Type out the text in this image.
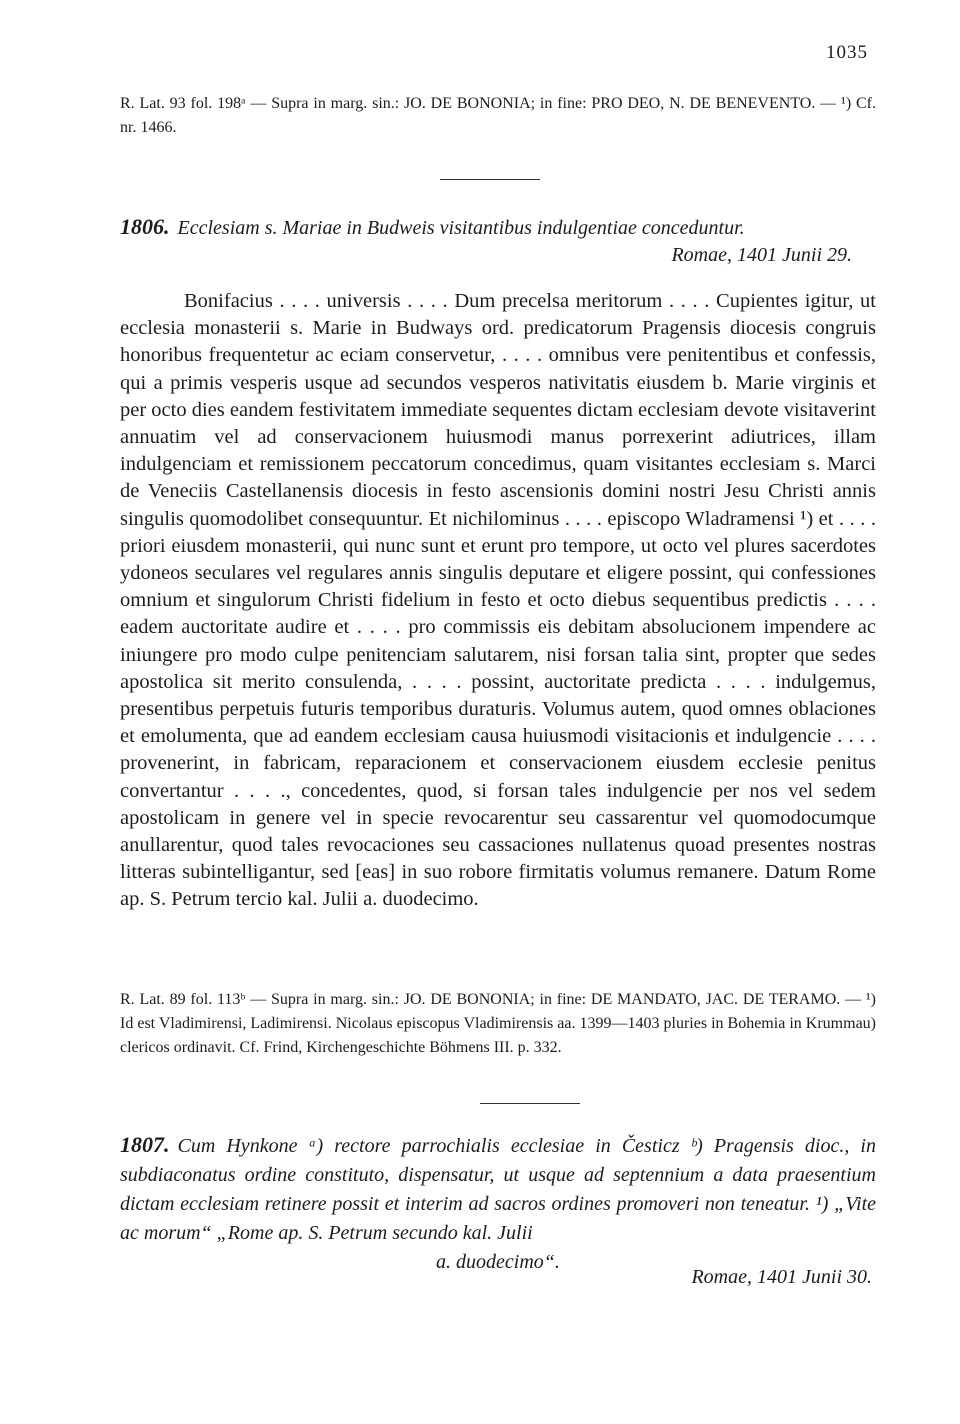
1035
R. Lat. 93 fol. 198ᵃ — Supra in marg. sin.: JO. DE BONONIA; in fine: PRO DEO, N. DE BENEVENTO. — ¹) Cf. nr. 1466.
1806. Ecclesiam s. Mariae in Budweis visitantibus indulgentiae conceduntur.
Romae, 1401 Junii 29.
Bonifacius . . . . universis . . . . Dum precelsa meritorum . . . . Cupientes igitur, ut ecclesia monasterii s. Marie in Budways ord. predicatorum Pragensis diocesis congruis honoribus frequentetur ac eciam conservetur, . . . . omnibus vere penitentibus et confessis, qui a primis vesperis usque ad secundos vesperos nativitatis eiusdem b. Marie virginis et per octo dies eandem festivitatem immediate sequentes dictam ecclesiam devote visitaverint annuatim vel ad conservacionem huiusmodi manus porrexerint adiutrices, illam indulgenciam et remissionem peccatorum concedimus, quam visitantes ecclesiam s. Marci de Veneciis Castellanensis diocesis in festo ascensionis domini nostri Jesu Christi annis singulis quomodolibet consequuntur. Et nichilominus . . . . episcopo Wladramensi ¹) et . . . . priori eiusdem monasterii, qui nunc sunt et erunt pro tempore, ut octo vel plures sacerdotes ydoneos seculares vel regulares annis singulis deputare et eligere possint, qui confessiones omnium et singulorum Christi fidelium in festo et octo diebus sequentibus predictis . . . . eadem auctoritate audire et . . . . pro commissis eis debitam absolucionem impendere ac iniungere pro modo culpe penitenciam salutarem, nisi forsan talia sint, propter que sedes apostolica sit merito consulenda, . . . . possint, auctoritate predicta . . . . indulgemus, presentibus perpetuis futuris temporibus duraturis. Volumus autem, quod omnes oblaciones et emolumenta, que ad eandem ecclesiam causa huiusmodi visitacionis et indulgencie . . . . provenerint, in fabricam, reparacionem et conservacionem eiusdem ecclesie penitus convertantur . . . ., concedentes, quod, si forsan tales indulgencie per nos vel sedem apostolicam in genere vel in specie revocarentur seu cassarentur vel quomodocumque anullarentur, quod tales revocaciones seu cassaciones nullatenus quoad presentes nostras litteras subintelligantur, sed [eas] in suo robore firmitatis volumus remanere. Datum Rome ap. S. Petrum tercio kal. Julii a. duodecimo.
R. Lat. 89 fol. 113ᵇ — Supra in marg. sin.: JO. DE BONONIA; in fine: DE MANDATO, JAC. DE TERAMO. — ¹) Id est Vladimirensi, Ladimirensi. Nicolaus episcopus Vladimirensis aa. 1399—1403 pluries in Bohemia in Krummau) clericos ordinavit. Cf. Frind, Kirchengeschichte Böhmens III. p. 332.
1807. Cum Hynkone ᵃ) rectore parrochialis ecclesiae in Česticz ᵇ) Pragensis dioc., in subdiaconatus ordine constituto, dispensatur, ut usque ad septennium a data praesentium dictam ecclesiam retinere possit et interim ad sacros ordines promoveri non teneatur. ¹) „Vite ac morum“ „Rome ap. S. Petrum secundo kal. Julii
a. duodecimo“.
Romae, 1401 Junii 30.
